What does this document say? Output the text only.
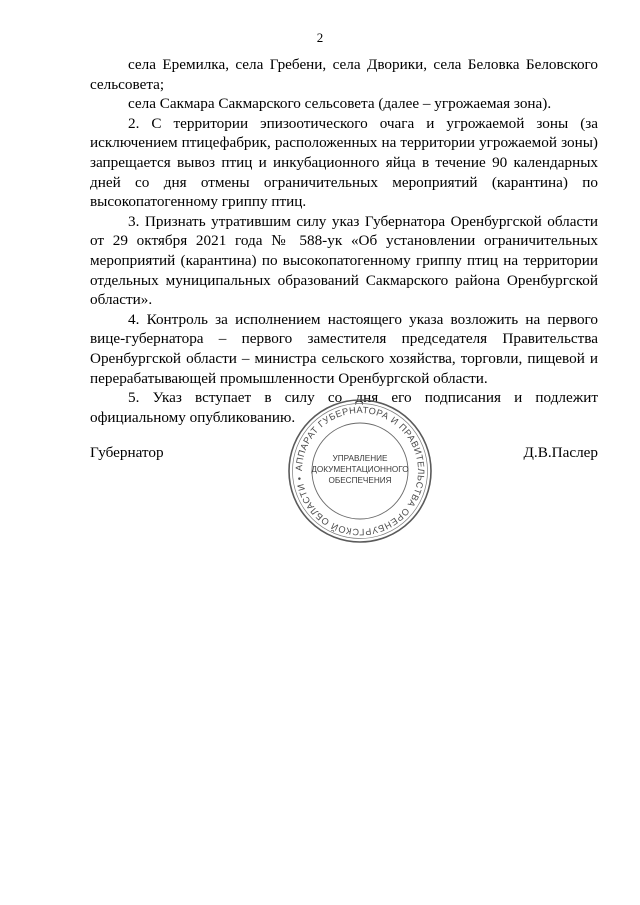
2

села Еремилка, села Гребени, села Дворики, села Беловка Беловского сельсовета;

села Сакмара Сакмарского сельсовета (далее – угрожаемая зона).

2. С территории эпизоотического очага и угрожаемой зоны (за исключением птицефабрик, расположенных на территории угрожаемой зоны) запрещается вывоз птиц и инкубационного яйца в течение 90 календарных дней со дня отмены ограничительных мероприятий (карантина) по высокопатогенному гриппу птиц.

3. Признать утратившим силу указ Губернатора Оренбургской области от 29 октября 2021 года № 588-ук «Об установлении ограничительных мероприятий (карантина) по высокопатогенному гриппу птиц на территории отдельных муниципальных образований Сакмарского района Оренбургской области».

4. Контроль за исполнением настоящего указа возложить на первого вице-губернатора – первого заместителя председателя Правительства Оренбургской области – министра сельского хозяйства, торговли, пищевой и перерабатывающей промышленности Оренбургской области.

5. Указ вступает в силу со дня его подписания и подлежит официальному опубликованию.

Губернатор
АППАРАТ ГУБЕРНАТОРА И ПРАВИТЕЛЬСТВА ОРЕНБУРГСКОЙ ОБЛАСТИ •
УПРАВЛЕНИЕ
ДОКУМЕНТАЦИОННОГО
ОБЕСПЕЧЕНИЯ
Д.В.Паслер
